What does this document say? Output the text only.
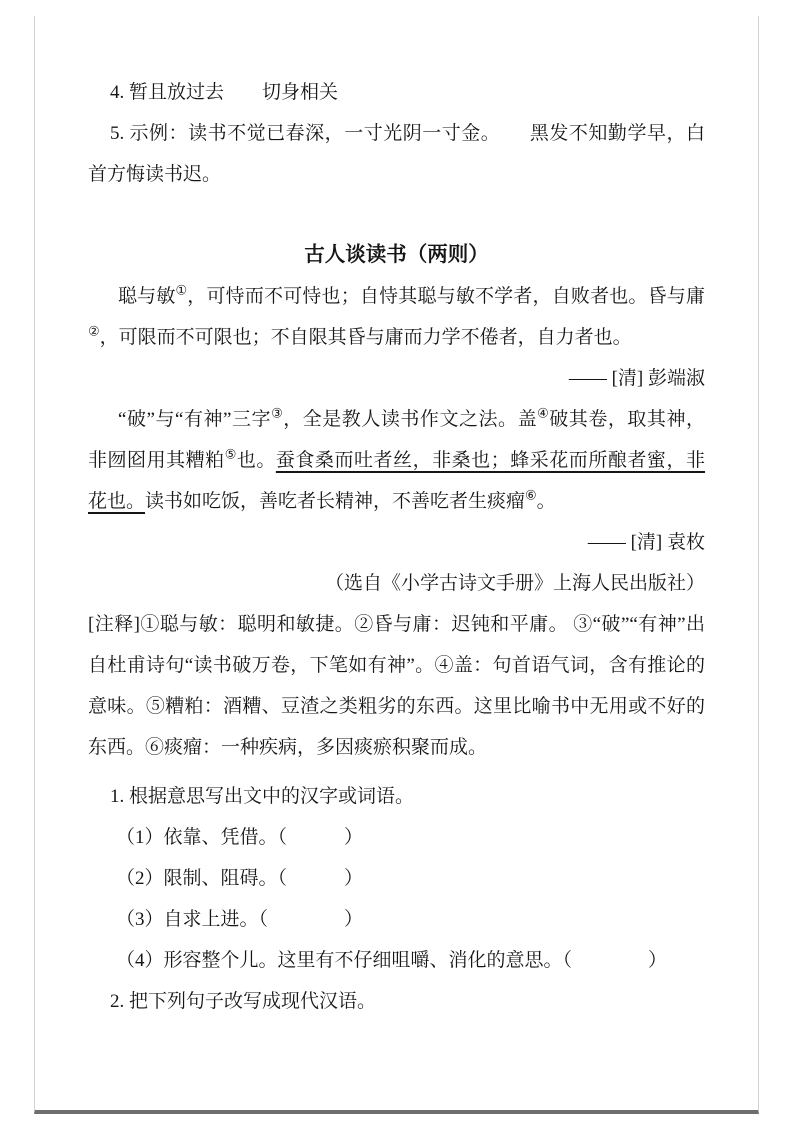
4. 暂且放过去　　切身相关

5. 示例：读书不觉已春深，一寸光阴一寸金。　　黑发不知勤学早，白首方悔读书迟。

古人谈读书（两则）

聪与敏①，可恃而不可恃也；自恃其聪与敏不学者，自败者也。昏与庸②，可限而不可限也；不自限其昏与庸而力学不倦者，自力者也。

—— [清] 彭端淑

“破”与“有神”三字③，全是教人读书作文之法。盖④破其卷，取其神，非囫囵用其糟粕⑤也。蚕食桑而吐者丝，非桑也；蜂采花而所酿者蜜，非花也。读书如吃饭，善吃者长精神，不善吃者生痰瘤⑥。

—— [清] 袁枚

（选自《小学古诗文手册》上海人民出版社）

[注释]①聪与敏：聪明和敏捷。②昏与庸：迟钝和平庸。 ③“破”“有神”出自杜甫诗句“读书破万卷，下笔如有神”。④盖：句首语气词，含有推论的意味。⑤糟粕：酒糟、豆渣之类粗劣的东西。这里比喻书中无用或不好的东西。⑥痰瘤：一种疾病，多因痰瘀积聚而成。

1. 根据意思写出文中的汉字或词语。

（1）依靠、凭借。（　　　）

（2）限制、阻碍。（　　　）

（3）自求上进。（　　　　）

（4）形容整个儿。这里有不仔细咀嚼、消化的意思。（　　　　）

2. 把下列句子改写成现代汉语。
